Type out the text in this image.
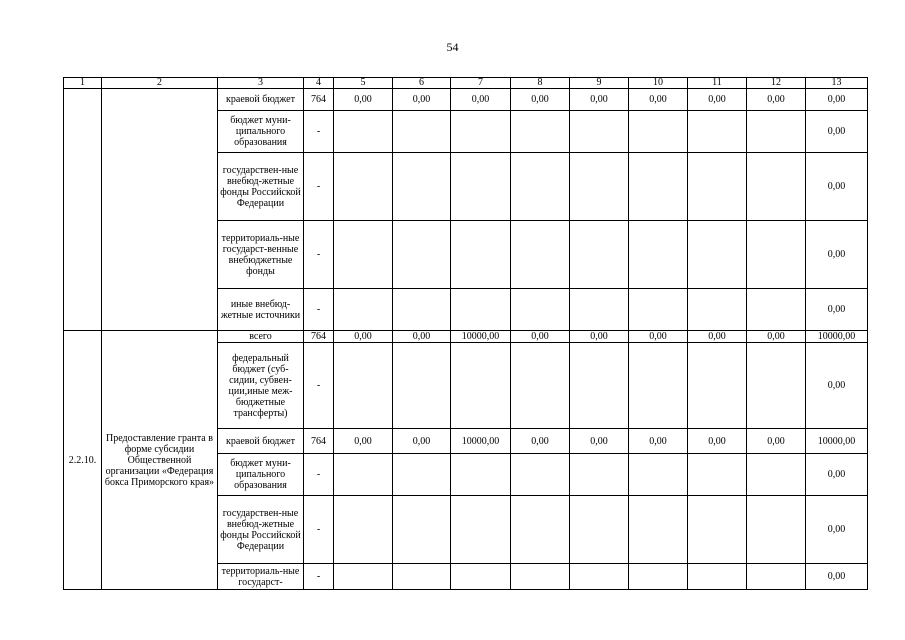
54
1	2	3	4	5	6	7	8	9	10	11	12	13
		краевой бюджет	764	0,00	0,00	0,00	0,00	0,00	0,00	0,00	0,00	0,00
		бюджет муни-ципального образования	-									0,00
		государствен-ные внебюд-жетные фонды Российской Федерации	-									0,00
		территориаль-ные государст-венные внебюджетные фонды	-									0,00
		иные внебюд-жетные источники	-									0,00
2.2.10.	Предоставление гранта в форме субсидии Общественной организации «Федерация бокса Приморского края»	всего	764	0,00	0,00	10000,00	0,00	0,00	0,00	0,00	0,00	10000,00
		федеральный бюджет (суб-сидии, субвен-ции,иные меж-бюджетные трансферты)	-									0,00
		краевой бюджет	764	0,00	0,00	10000,00	0,00	0,00	0,00	0,00	0,00	10000,00
		бюджет муни-ципального образования	-									0,00
		государствен-ные внебюд-жетные фонды Российской Федерации	-									0,00
		территориаль-ные государст-	-									0,00
